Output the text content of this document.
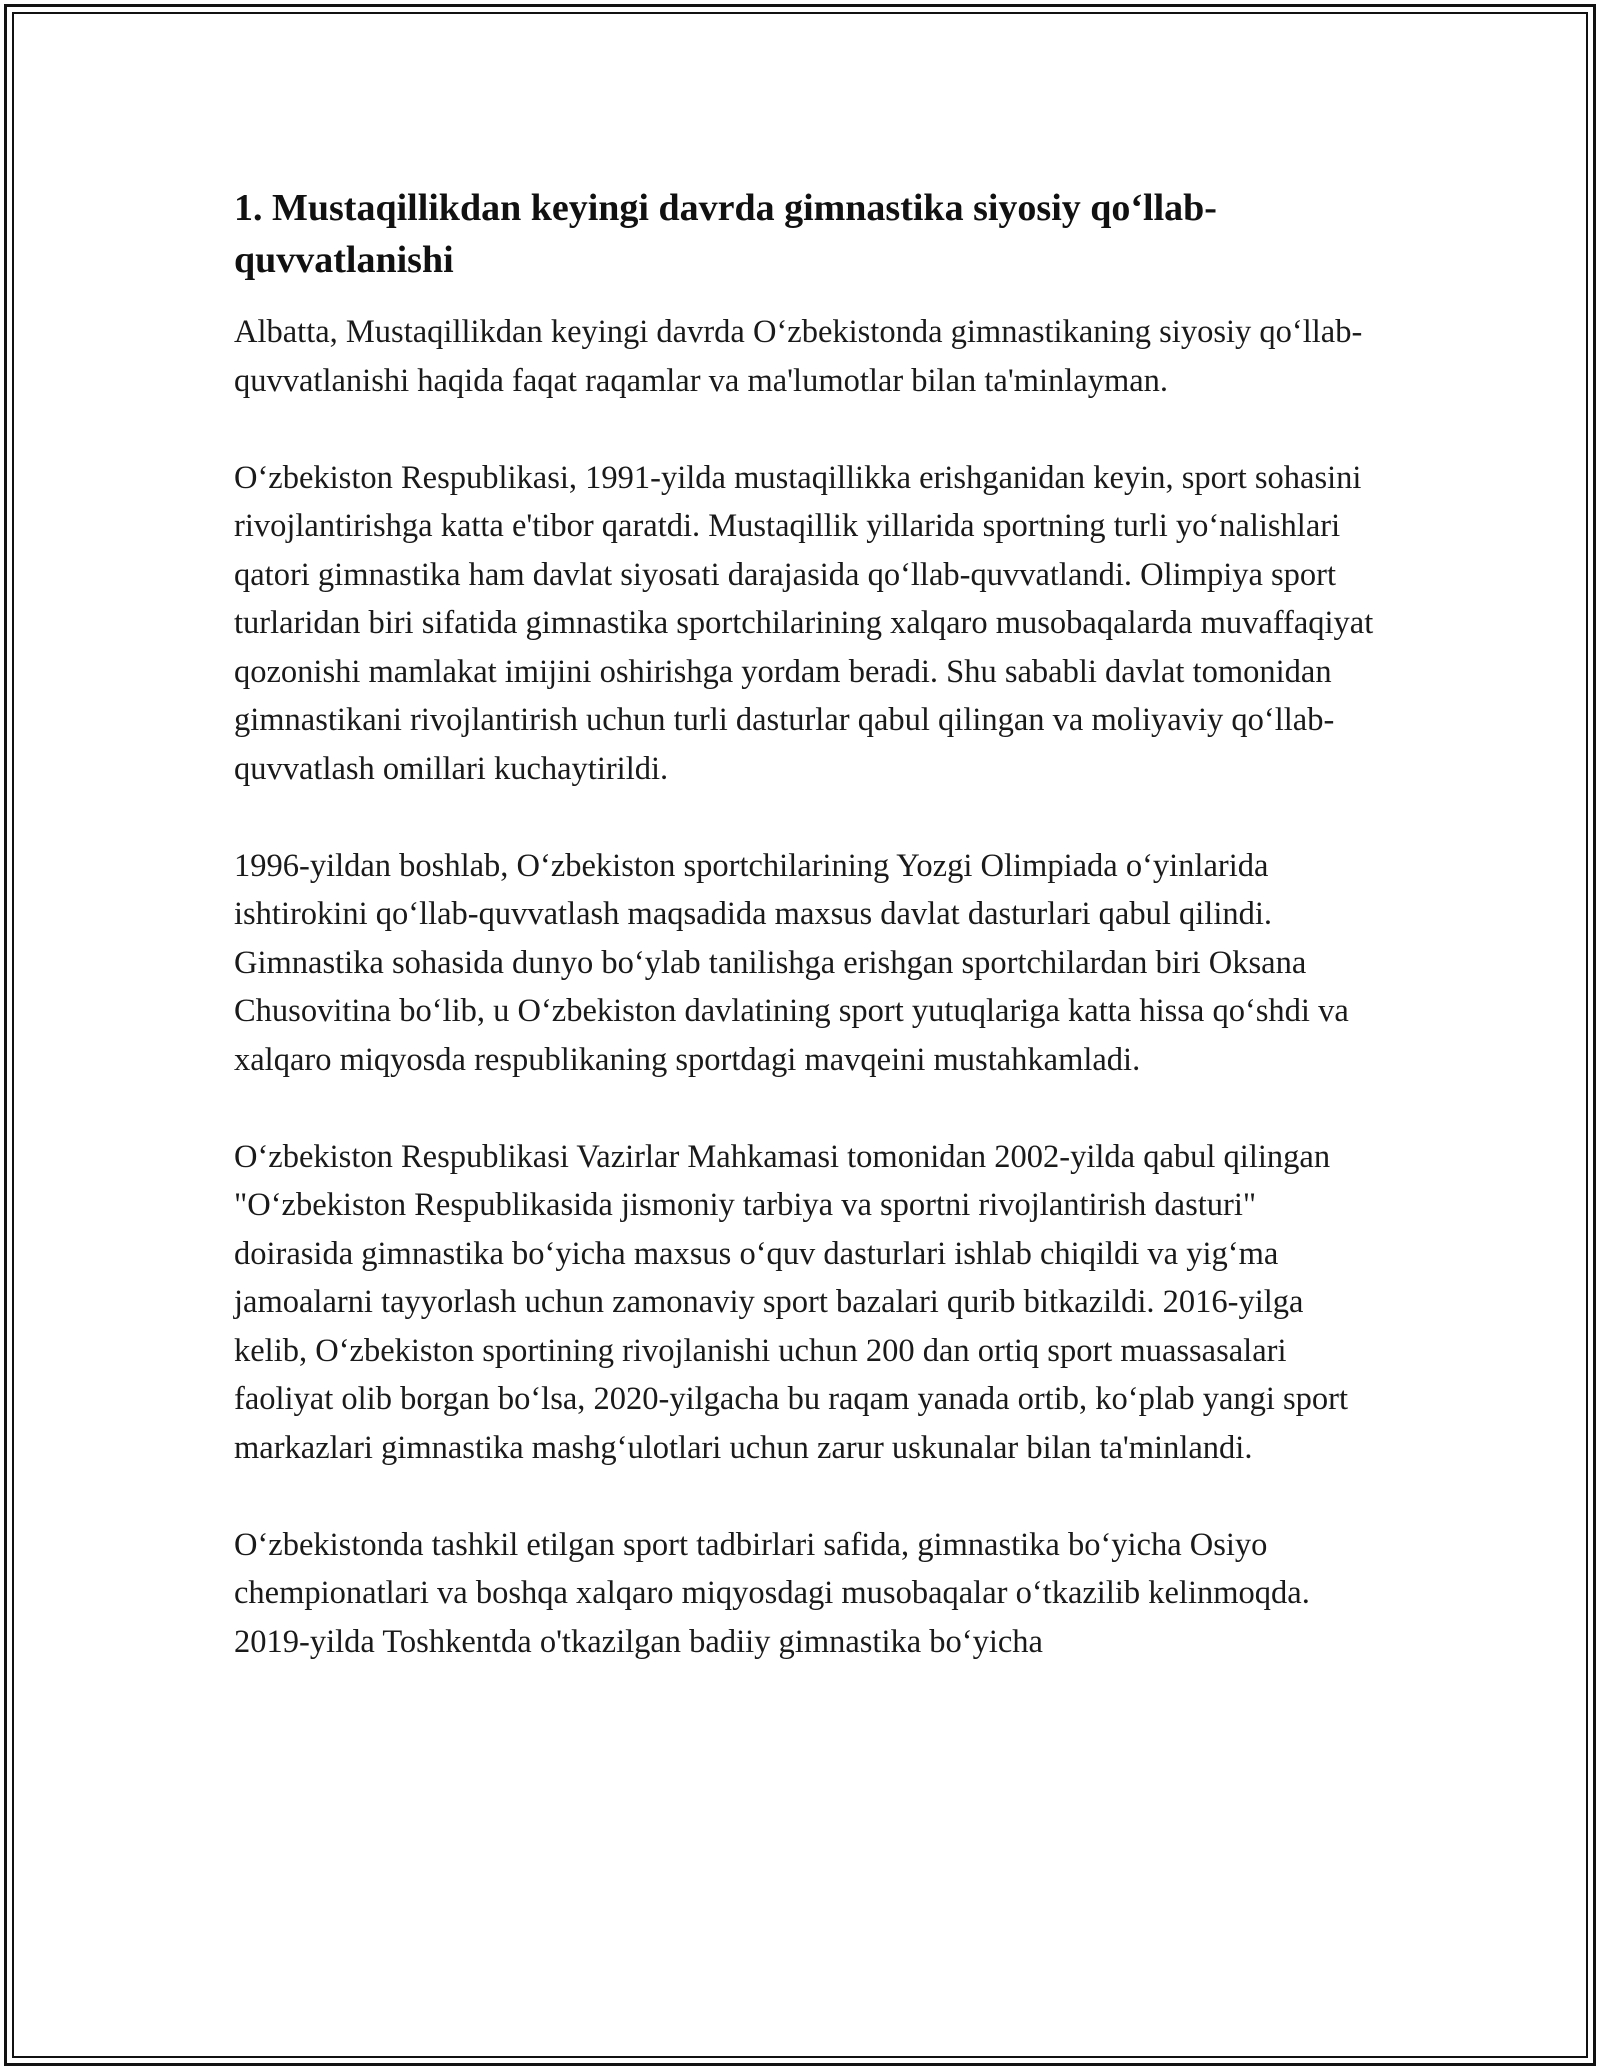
1. Mustaqillikdan keyingi davrda gimnastika siyosiy qo‘llab-quvvatlanishi

Albatta, Mustaqillikdan keyingi davrda O‘zbekistonda gimnastikaning siyosiy qo‘llab-quvvatlanishi haqida faqat raqamlar va ma'lumotlar bilan ta'minlayman.

O‘zbekiston Respublikasi, 1991-yilda mustaqillikka erishganidan keyin, sport sohasini rivojlantirishga katta e'tibor qaratdi. Mustaqillik yillarida sportning turli yo‘nalishlari qatori gimnastika ham davlat siyosati darajasida qo‘llab-quvvatlandi. Olimpiya sport turlaridan biri sifatida gimnastika sportchilarining xalqaro musobaqalarda muvaffaqiyat qozonishi mamlakat imijini oshirishga yordam beradi. Shu sababli davlat tomonidan gimnastikani rivojlantirish uchun turli dasturlar qabul qilingan va moliyaviy qo‘llab-quvvatlash omillari kuchaytirildi.

1996-yildan boshlab, O‘zbekiston sportchilarining Yozgi Olimpiada o‘yinlarida ishtirokini qo‘llab-quvvatlash maqsadida maxsus davlat dasturlari qabul qilindi. Gimnastika sohasida dunyo bo‘ylab tanilishga erishgan sportchilardan biri Oksana Chusovitina bo‘lib, u O‘zbekiston davlatining sport yutuqlariga katta hissa qo‘shdi va xalqaro miqyosda respublikaning sportdagi mavqeini mustahkamladi.

O‘zbekiston Respublikasi Vazirlar Mahkamasi tomonidan 2002-yilda qabul qilingan "O‘zbekiston Respublikasida jismoniy tarbiya va sportni rivojlantirish dasturi" doirasida gimnastika bo‘yicha maxsus o‘quv dasturlari ishlab chiqildi va yig‘ma jamoalarni tayyorlash uchun zamonaviy sport bazalari qurib bitkazildi. 2016-yilga kelib, O‘zbekiston sportining rivojlanishi uchun 200 dan ortiq sport muassasalari faoliyat olib borgan bo‘lsa, 2020-yilgacha bu raqam yanada ortib, ko‘plab yangi sport markazlari gimnastika mashg‘ulotlari uchun zarur uskunalar bilan ta'minlandi.

O‘zbekistonda tashkil etilgan sport tadbirlari safida, gimnastika bo‘yicha Osiyo chempionatlari va boshqa xalqaro miqyosdagi musobaqalar o‘tkazilib kelinmoqda. 2019-yilda Toshkentda o'tkazilgan badiiy gimnastika bo‘yicha
